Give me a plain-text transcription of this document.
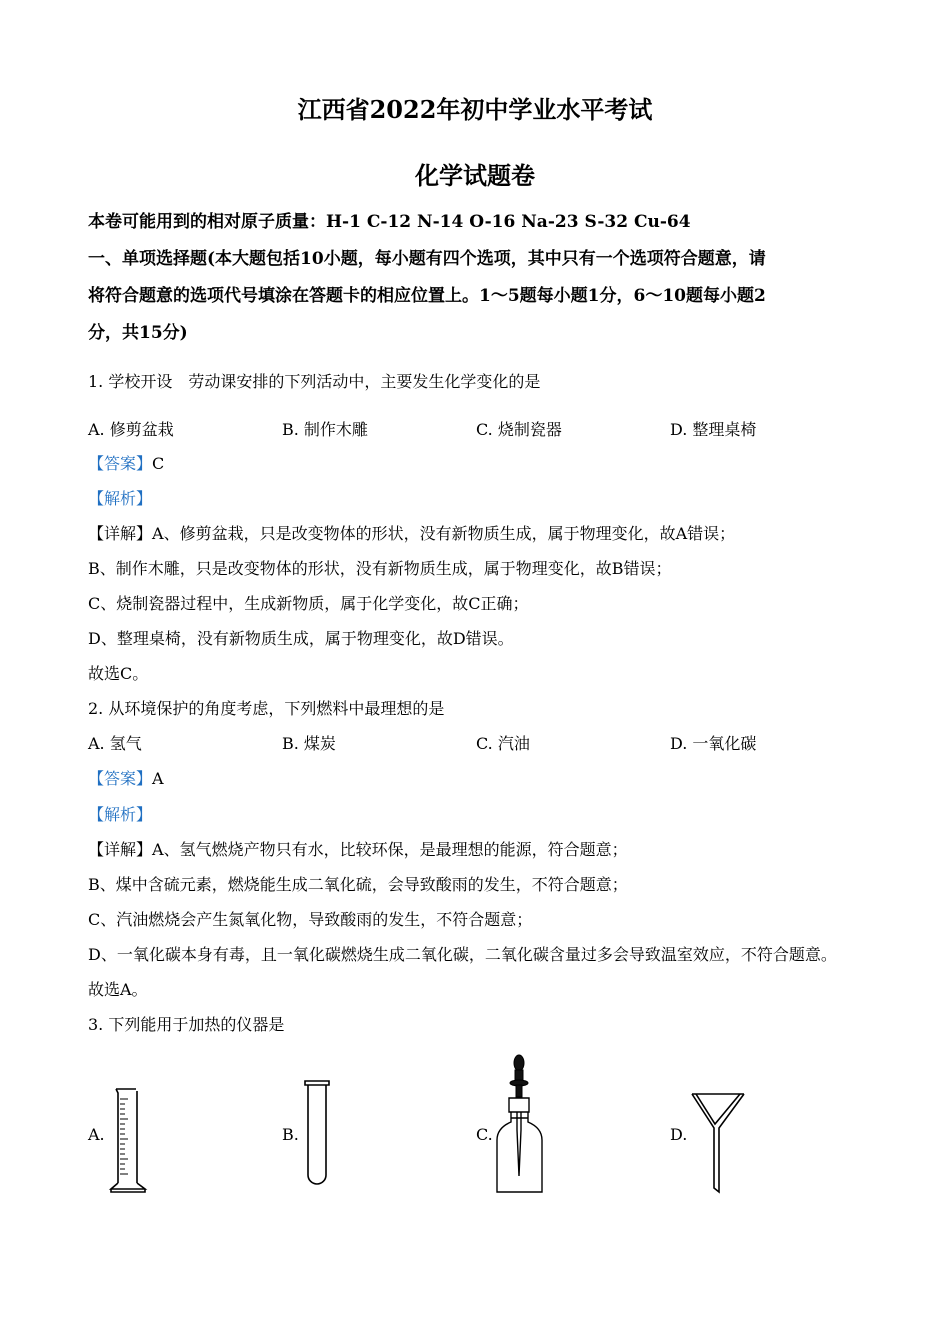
江西省2022年初中学业水平考试
化学试题卷
本卷可能用到的相对原子质量：H-1 C-12 N-14 O-16 Na-23 S-32 Cu-64
一、单项选择题(本大题包括10小题，每小题有四个选项，其中只有一个选项符合题意，请
将符合题意的选项代号填涂在答题卡的相应位置上。1～5题每小题1分，6～10题每小题2
分，共15分)
1. 学校开设　劳动课安排的下列活动中，主要发生化学变化的是
A. 修剪盆栽	B. 制作木雕	C. 烧制瓷器	D. 整理桌椅
【答案】C
【解析】
【详解】A、修剪盆栽，只是改变物体的形状，没有新物质生成，属于物理变化，故A错误；
B、制作木雕，只是改变物体的形状，没有新物质生成，属于物理变化，故B错误；
C、烧制瓷器过程中，生成新物质，属于化学变化，故C正确；
D、整理桌椅，没有新物质生成，属于物理变化，故D错误。
故选C。
2. 从环境保护的角度考虑，下列燃料中最理想的是
A. 氢气	B. 煤炭	C. 汽油	D. 一氧化碳
【答案】A
【解析】
【详解】A、氢气燃烧产物只有水，比较环保，是最理想的能源，符合题意；
B、煤中含硫元素，燃烧能生成二氧化硫，会导致酸雨的发生，不符合题意；
C、汽油燃烧会产生氮氧化物，导致酸雨的发生，不符合题意；
D、一氧化碳本身有毒，且一氧化碳燃烧生成二氧化碳，二氧化碳含量过多会导致温室效应，不符合题意。
故选A。
3. 下列能用于加热的仪器是
A.	B.	C.	D.
